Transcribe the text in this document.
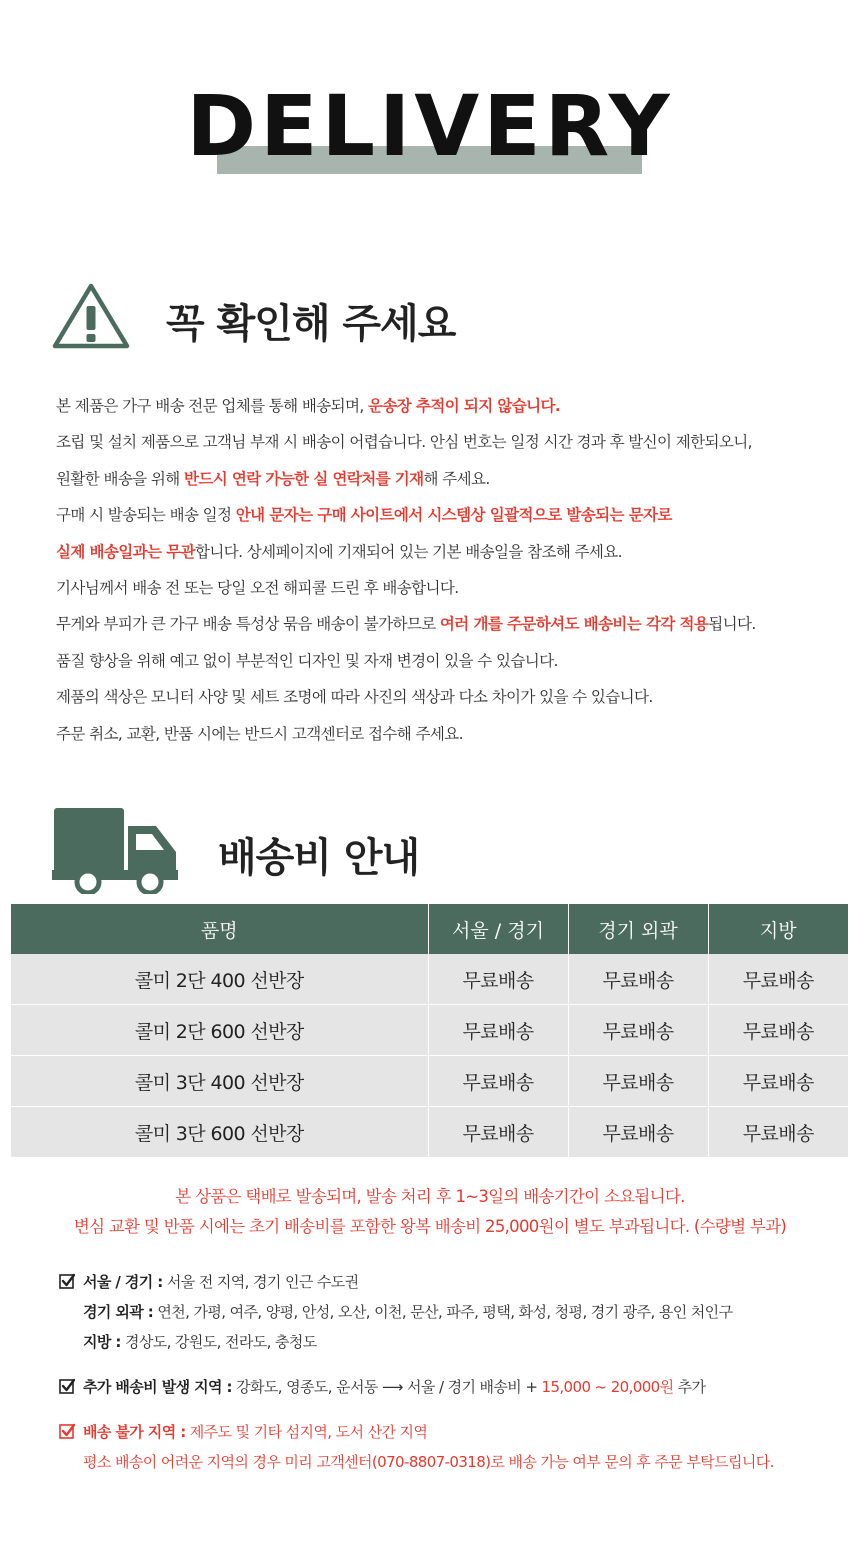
DELIVERY
꼭 확인해 주세요
본 제품은 가구 배송 전문 업체를 통해 배송되며, 운송장 추적이 되지 않습니다.
조립 및 설치 제품으로 고객님 부재 시 배송이 어렵습니다. 안심 번호는 일정 시간 경과 후 발신이 제한되오니,
원활한 배송을 위해 반드시 연락 가능한 실 연락처를 기재해 주세요.
구매 시 발송되는 배송 일정 안내 문자는 구매 사이트에서 시스템상 일괄적으로 발송되는 문자로
실제 배송일과는 무관합니다. 상세페이지에 기재되어 있는 기본 배송일을 참조해 주세요.
기사님께서 배송 전 또는 당일 오전 해피콜 드린 후 배송합니다.
무게와 부피가 큰 가구 배송 특성상 묶음 배송이 불가하므로 여러 개를 주문하셔도 배송비는 각각 적용됩니다.
품질 향상을 위해 예고 없이 부분적인 디자인 및 자재 변경이 있을 수 있습니다.
제품의 색상은 모니터 사양 및 세트 조명에 따라 사진의 색상과 다소 차이가 있을 수 있습니다.
주문 취소, 교환, 반품 시에는 반드시 고객센터로 접수해 주세요.
배송비 안내
품명	서울 / 경기	경기 외곽	지방
콜미 2단 400 선반장	무료배송	무료배송	무료배송
콜미 2단 600 선반장	무료배송	무료배송	무료배송
콜미 3단 400 선반장	무료배송	무료배송	무료배송
콜미 3단 600 선반장	무료배송	무료배송	무료배송
본 상품은 택배로 발송되며, 발송 처리 후 1~3일의 배송기간이 소요됩니다.
변심 교환 및 반품 시에는 초기 배송비를 포함한 왕복 배송비 25,000원이 별도 부과됩니다. (수량별 부과)
서울 / 경기 : 서울 전 지역, 경기 인근 수도권
경기 외곽 : 연천, 가평, 여주, 양평, 안성, 오산, 이천, 문산, 파주, 평택, 화성, 청평, 경기 광주, 용인 처인구
지방 : 경상도, 강원도, 전라도, 충청도
추가 배송비 발생 지역 : 강화도, 영종도, 운서동 ⟶ 서울 / 경기 배송비 + 15,000 ~ 20,000원 추가
배송 불가 지역 : 제주도 및 기타 섬지역, 도서 산간 지역
평소 배송이 어려운 지역의 경우 미리 고객센터(070-8807-0318)로 배송 가능 여부 문의 후 주문 부탁드립니다.
